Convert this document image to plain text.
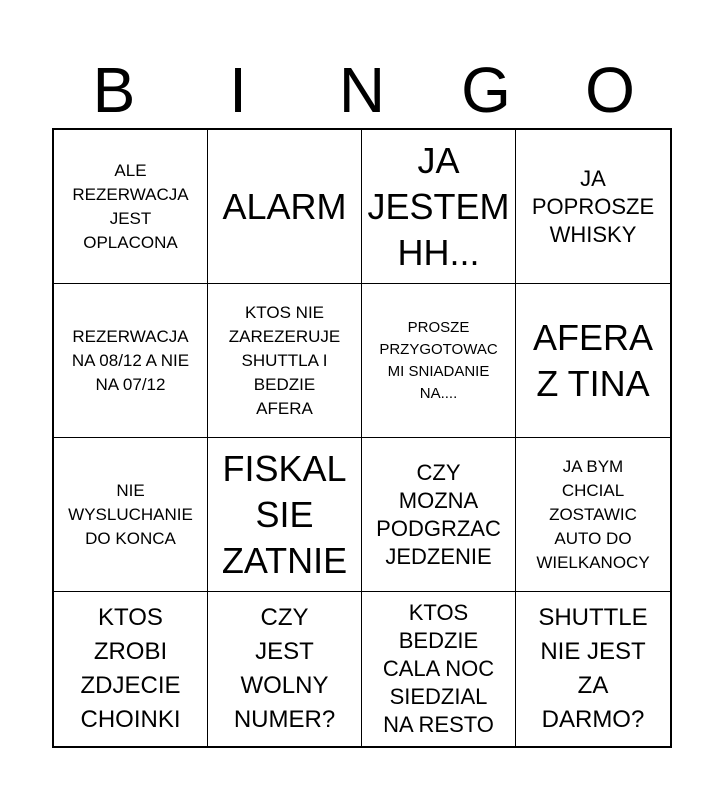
B	I	N	G	O
ALE
REZERWACJA
JEST
OPLACONA
ALARM
JA
JESTEM
HH...
JA
POPROSZE
WHISKY
REZERWACJA
NA 08/12 A NIE
NA 07/12
KTOS NIE
ZAREZERUJE
SHUTTLA I
BEDZIE
AFERA
PROSZE
PRZYGOTOWAC
MI SNIADANIE
NA....
AFERA
Z TINA
NIE
WYSLUCHANIE
DO KONCA
FISKAL
SIE
ZATNIE
CZY
MOZNA
PODGRZAC
JEDZENIE
JA BYM
CHCIAL
ZOSTAWIC
AUTO DO
WIELKANOCY
KTOS
ZROBI
ZDJECIE
CHOINKI
CZY
JEST
WOLNY
NUMER?
KTOS
BEDZIE
CALA NOC
SIEDZIAL
NA RESTO
SHUTTLE
NIE JEST
ZA
DARMO?
